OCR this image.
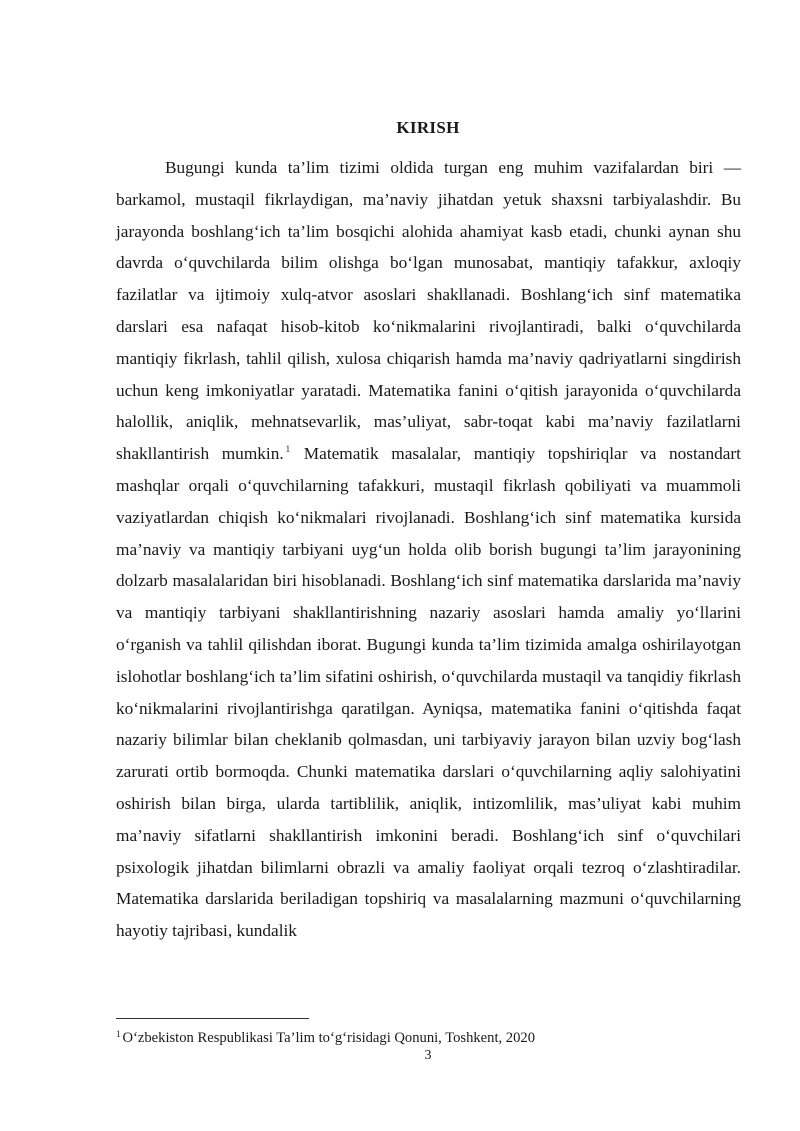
KIRISH

Bugungi kunda ta’lim tizimi oldida turgan eng muhim vazifalardan biri — barkamol, mustaqil fikrlaydigan, ma’naviy jihatdan yetuk shaxsni tarbiyalashdir. Bu jarayonda boshlang‘ich ta’lim bosqichi alohida ahamiyat kasb etadi, chunki aynan shu davrda o‘quvchilarda bilim olishga bo‘lgan munosabat, mantiqiy tafakkur, axloqiy fazilatlar va ijtimoiy xulq-atvor asoslari shakllanadi. Boshlang‘ich sinf matematika darslari esa nafaqat hisob-kitob ko‘nikmalarini rivojlantiradi, balki o‘quvchilarda mantiqiy fikrlash, tahlil qilish, xulosa chiqarish hamda ma’naviy qadriyatlarni singdirish uchun keng imkoniyatlar yaratadi. Matematika fanini o‘qitish jarayonida o‘quvchilarda halollik, aniqlik, mehnatsevarlik, mas’uliyat, sabr-toqat kabi ma’naviy fazilatlarni shakllantirish mumkin. $^1$ Matematik masalalar, mantiqiy topshiriqlar va nostandart mashqlar orqali o‘quvchilarning tafakkuri, mustaqil fikrlash qobiliyati va muammoli vaziyatlardan chiqish ko‘nikmalari rivojlanadi. Boshlang‘ich sinf matematika kursida ma’naviy va mantiqiy tarbiyani uyg‘un holda olib borish bugungi ta’lim jarayonining dolzarb masalalaridan biri hisoblanadi. Boshlang‘ich sinf matematika darslarida ma’naviy va mantiqiy tarbiyani shakllantirishning nazariy asoslari hamda amaliy yo‘llarini o‘rganish va tahlil qilishdan iborat. Bugungi kunda ta’lim tizimida amalga oshirilayotgan islohotlar boshlang‘ich ta’lim sifatini oshirish, o‘quvchilarda mustaqil va tanqidiy fikrlash ko‘nikmalarini rivojlantirishga qaratilgan. Ayniqsa, matematika fanini o‘qitishda faqat nazariy bilimlar bilan cheklanib qolmasdan, uni tarbiyaviy jarayon bilan uzviy bog‘lash zarurati ortib bormoqda. Chunki matematika darslari o‘quvchilarning aqliy salohiyatini oshirish bilan birga, ularda tartiblilik, aniqlik, intizomlilik, mas’uliyat kabi muhim ma’naviy sifatlarni shakllantirish imkonini beradi. Boshlang‘ich sinf o‘quvchilari psixologik jihatdan bilimlarni obrazli va amaliy faoliyat orqali tezroq o‘zlashtiradilar. Matematika darslarida beriladigan topshiriq va masalalarning mazmuni o‘quvchilarning hayotiy tajribasi, kundalik

$^1$ O‘zbekiston Respublikasi Ta’lim to‘g‘risidagi Qonuni, Toshkent, 2020
3
